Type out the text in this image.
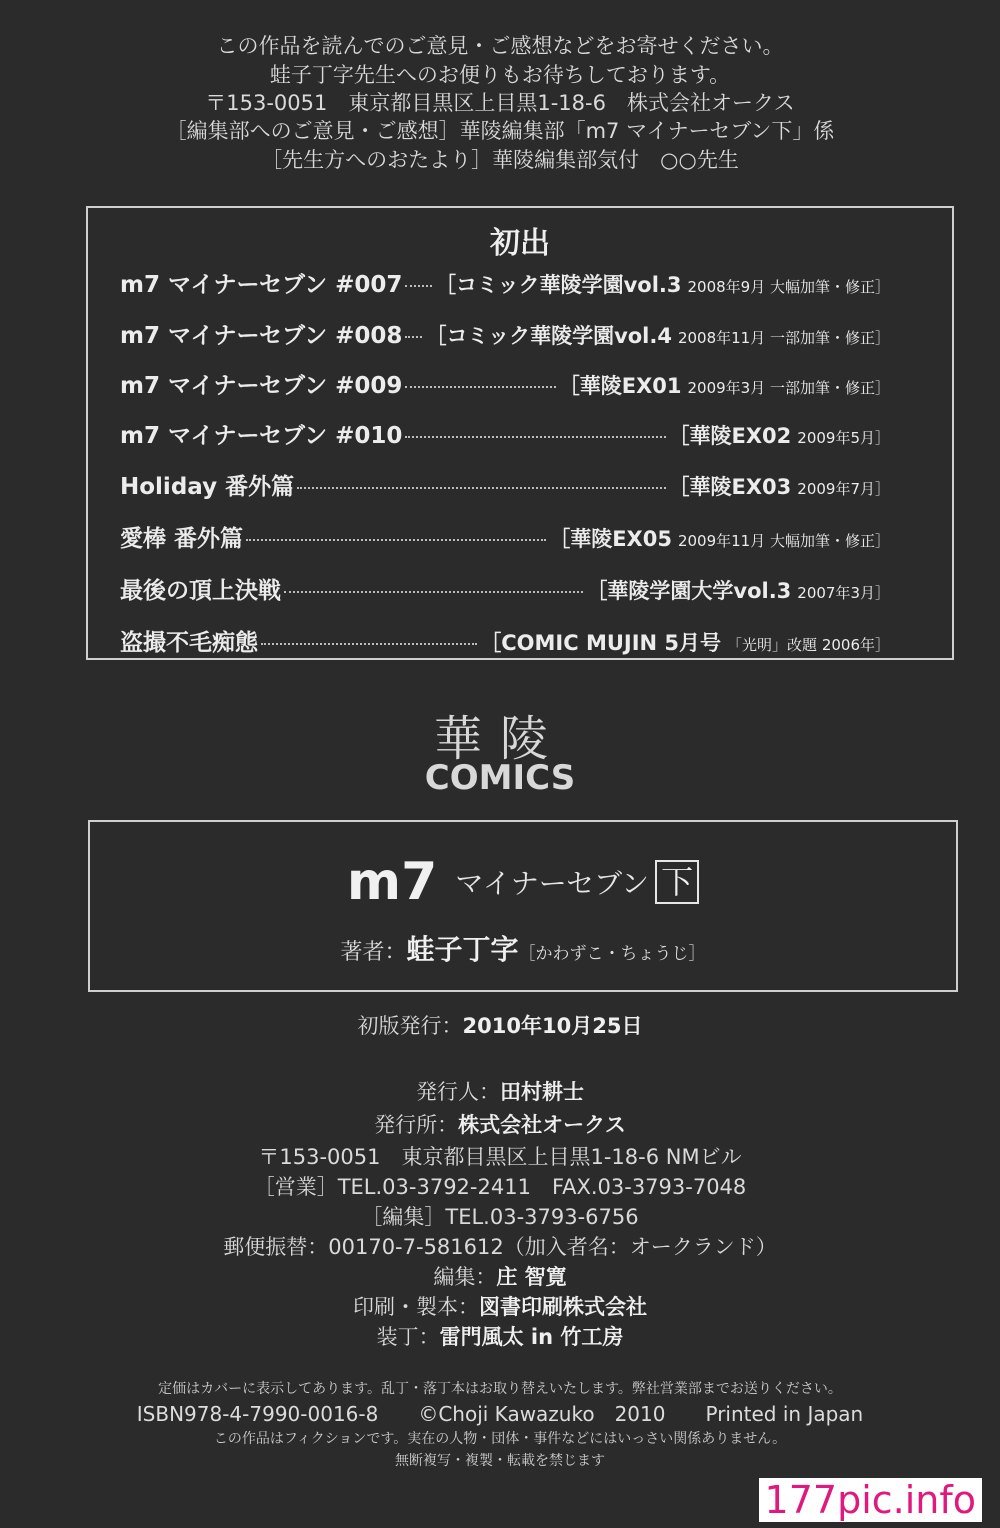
この作品を読んでのご意見・ご感想などをお寄せください。
蛙子丁字先生へのお便りもお待ちしております。
〒153-0051　東京都目黒区上目黒1-18-6　株式会社オークス
［編集部へのご意見・ご感想］華陵編集部「m7 マイナーセブン下」係
［先生方へのおたより］華陵編集部気付　○○先生
初出
m7 マイナーセブン #007 ［コミック華陵学園vol.3 2008年9月 大幅加筆・修正］
m7 マイナーセブン #008 ［コミック華陵学園vol.4 2008年11月 一部加筆・修正］
m7 マイナーセブン #009	［華陵EX01 2009年3月 一部加筆・修正］
m7 マイナーセブン #010	［華陵EX02 2009年5月］
Holiday 番外篇	［華陵EX03 2009年7月］
愛棒 番外篇	［華陵EX05 2009年11月 大幅加筆・修正］
最後の頂上決戦	［華陵学園大学vol.3 2007年3月］
盗撮不毛痴態	［COMIC MUJIN 5月号 「光明」改題 2006年］
華陵
COMICS
m7 マイナーセブン 下
著者：蛙子丁字［かわずこ・ちょうじ］
初版発行：2010年10月25日
発行人：田村耕士
発行所：株式会社オークス
〒153-0051　東京都目黒区上目黒1-18-6 NMビル
［営業］TEL.03-3792-2411　FAX.03-3793-7048
［編集］TEL.03-3793-6756
郵便振替：00170-7-581612（加入者名：オークランド）
編集：庄 智寛
印刷・製本：図書印刷株式会社
装丁：雷門風太 in 竹工房
定価はカバーに表示してあります。乱丁・落丁本はお取り替えいたします。弊社営業部までお送りください。
ISBN978-4-7990-0016-8　　©Choji Kawazuko　2010　　Printed in Japan
この作品はフィクションです。実在の人物・団体・事件などにはいっさい関係ありません。
無断複写・複製・転載を禁じます
177pic.info
